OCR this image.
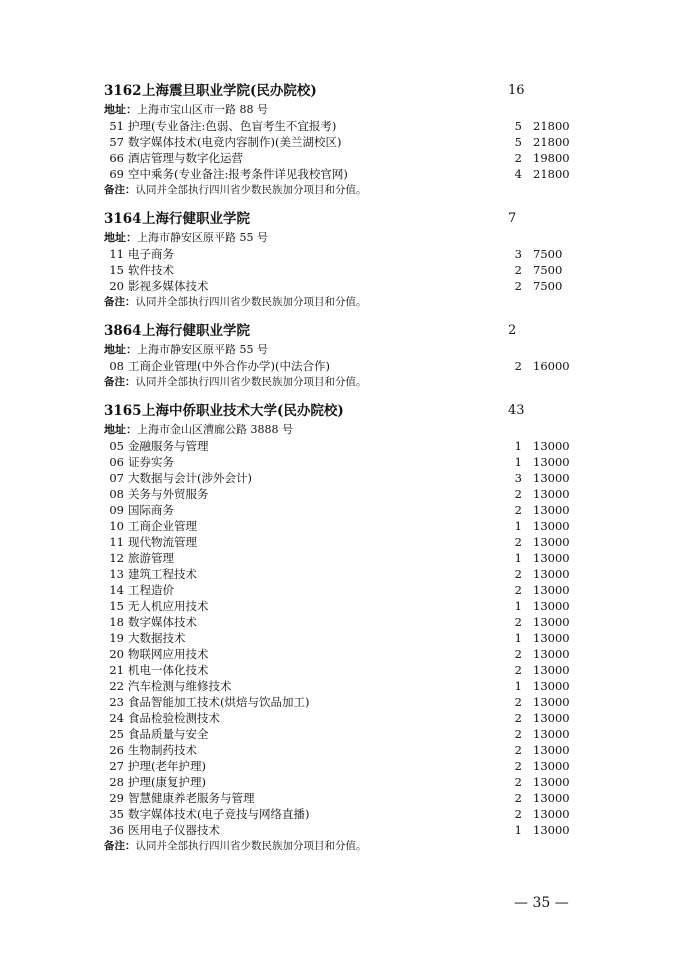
3162 上海震旦职业学院(民办院校)	16
地址：上海市宝山区市一路 88 号
51 护理(专业备注:色弱、色盲考生不宜报考)	5 21800
57 数字媒体技术(电竞内容制作)(美兰湖校区)	5 21800
66 酒店管理与数字化运营	2 19800
69 空中乘务(专业备注:报考条件详见我校官网)	4 21800
备注：认同并全部执行四川省少数民族加分项目和分值。
3164 上海行健职业学院	7
地址：上海市静安区原平路 55 号
11 电子商务	3 7500
15 软件技术	2 7500
20 影视多媒体技术	2 7500
备注：认同并全部执行四川省少数民族加分项目和分值。
3864 上海行健职业学院	2
地址：上海市静安区原平路 55 号
08 工商企业管理(中外合作办学)(中法合作)	2 16000
备注：认同并全部执行四川省少数民族加分项目和分值。
3165 上海中侨职业技术大学(民办院校)	43
地址：上海市金山区漕廊公路 3888 号
05 金融服务与管理	1 13000
06 证券实务	1 13000
07 大数据与会计(涉外会计)	3 13000
08 关务与外贸服务	2 13000
09 国际商务	2 13000
10 工商企业管理	1 13000
11 现代物流管理	2 13000
12 旅游管理	1 13000
13 建筑工程技术	2 13000
14 工程造价	2 13000
15 无人机应用技术	1 13000
18 数字媒体技术	2 13000
19 大数据技术	1 13000
20 物联网应用技术	2 13000
21 机电一体化技术	2 13000
22 汽车检测与维修技术	1 13000
23 食品智能加工技术(烘焙与饮品加工)	2 13000
24 食品检验检测技术	2 13000
25 食品质量与安全	2 13000
26 生物制药技术	2 13000
27 护理(老年护理)	2 13000
28 护理(康复护理)	2 13000
29 智慧健康养老服务与管理	2 13000
35 数字媒体技术(电子竞技与网络直播)	2 13000
36 医用电子仪器技术	1 13000
备注：认同并全部执行四川省少数民族加分项目和分值。
— 35 —
